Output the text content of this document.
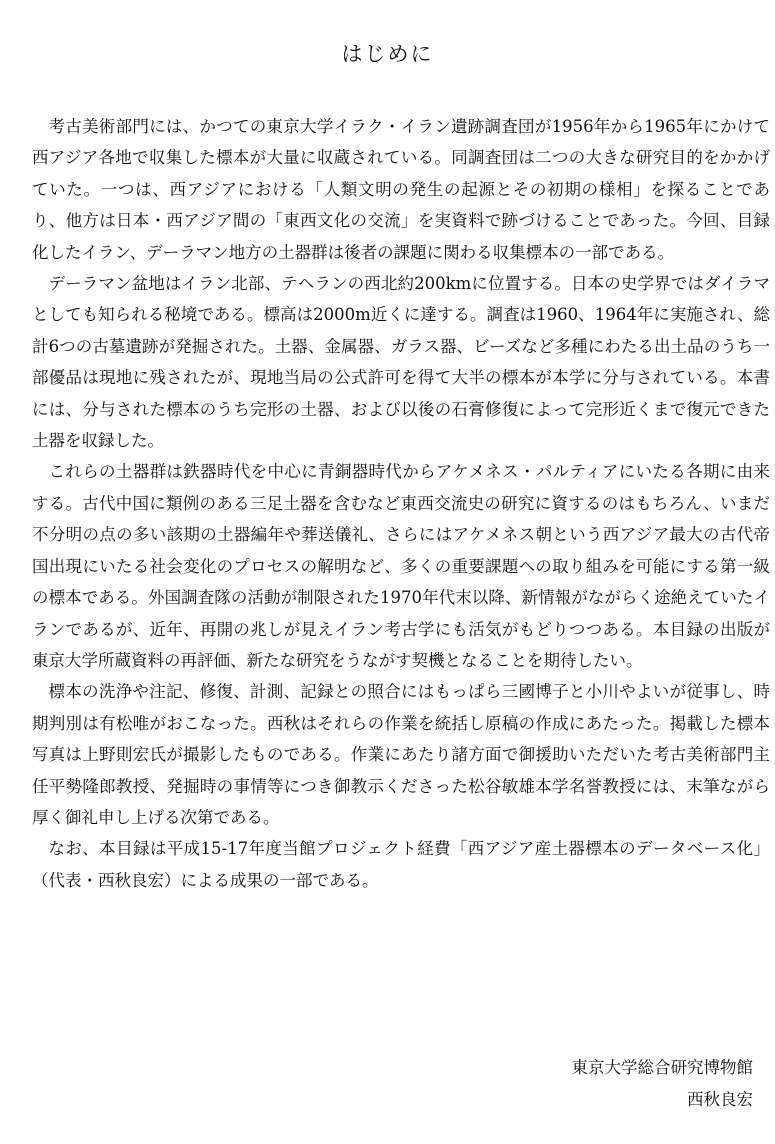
はじめに

考古美術部門には、かつての東京大学イラク・イラン遺跡調査団が1956年から1965年にかけて西アジア各地で収集した標本が大量に収蔵されている。同調査団は二つの大きな研究目的をかかげていた。一つは、西アジアにおける「人類文明の発生の起源とその初期の様相」を探ることであり、他方は日本・西アジア間の「東西文化の交流」を実資料で跡づけることであった。今回、目録化したイラン、デーラマン地方の土器群は後者の課題に関わる収集標本の一部である。

デーラマン盆地はイラン北部、テヘランの西北約200kmに位置する。日本の史学界ではダイラマとしても知られる秘境である。標高は2000m近くに達する。調査は1960、1964年に実施され、総計6つの古墓遺跡が発掘された。土器、金属器、ガラス器、ビーズなど多種にわたる出土品のうち一部優品は現地に残されたが、現地当局の公式許可を得て大半の標本が本学に分与されている。本書には、分与された標本のうち完形の土器、および以後の石膏修復によって完形近くまで復元できた土器を収録した。

これらの土器群は鉄器時代を中心に青銅器時代からアケメネス・パルティアにいたる各期に由来する。古代中国に類例のある三足土器を含むなど東西交流史の研究に資するのはもちろん、いまだ不分明の点の多い該期の土器編年や葬送儀礼、さらにはアケメネス朝という西アジア最大の古代帝国出現にいたる社会変化のプロセスの解明など、多くの重要課題への取り組みを可能にする第一級の標本である。外国調査隊の活動が制限された1970年代末以降、新情報がながらく途絶えていたイランであるが、近年、再開の兆しが見えイラン考古学にも活気がもどりつつある。本目録の出版が東京大学所蔵資料の再評価、新たな研究をうながす契機となることを期待したい。

標本の洗浄や注記、修復、計測、記録との照合にはもっぱら三國博子と小川やよいが従事し、時期判別は有松唯がおこなった。西秋はそれらの作業を統括し原稿の作成にあたった。掲載した標本写真は上野則宏氏が撮影したものである。作業にあたり諸方面で御援助いただいた考古美術部門主任平勢隆郎教授、発掘時の事情等につき御教示くださった松谷敏雄本学名誉教授には、末筆ながら厚く御礼申し上げる次第である。

なお、本目録は平成15-17年度当館プロジェクト経費「西アジア産土器標本のデータベース化」（代表・西秋良宏）による成果の一部である。

東京大学総合研究博物館
西秋良宏
